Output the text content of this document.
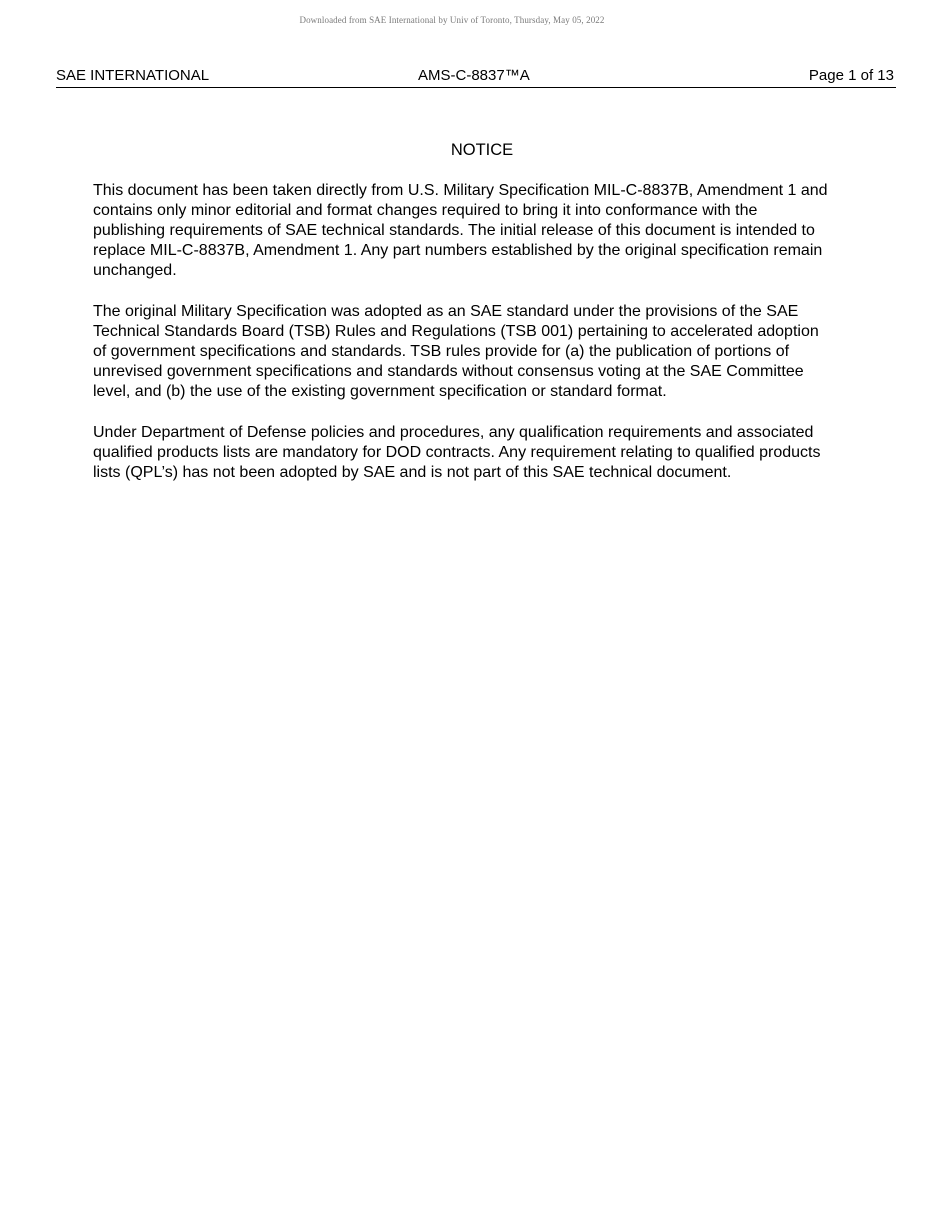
Downloaded from SAE International by Univ of Toronto, Thursday, May 05, 2022
SAE INTERNATIONAL	AMS-C-8837™A	Page 1 of 13
NOTICE

This document has been taken directly from U.S. Military Specification MIL-C-8837B, Amendment 1 and
contains only minor editorial and format changes required to bring it into conformance with the
publishing requirements of SAE technical standards. The initial release of this document is intended to
replace MIL-C-8837B, Amendment 1. Any part numbers established by the original specification remain
unchanged.

The original Military Specification was adopted as an SAE standard under the provisions of the SAE
Technical Standards Board (TSB) Rules and Regulations (TSB 001) pertaining to accelerated adoption
of government specifications and standards. TSB rules provide for (a) the publication of portions of
unrevised government specifications and standards without consensus voting at the SAE Committee
level, and (b) the use of the existing government specification or standard format.

Under Department of Defense policies and procedures, any qualification requirements and associated
qualified products lists are mandatory for DOD contracts. Any requirement relating to qualified products
lists (QPL’s) has not been adopted by SAE and is not part of this SAE technical document.
